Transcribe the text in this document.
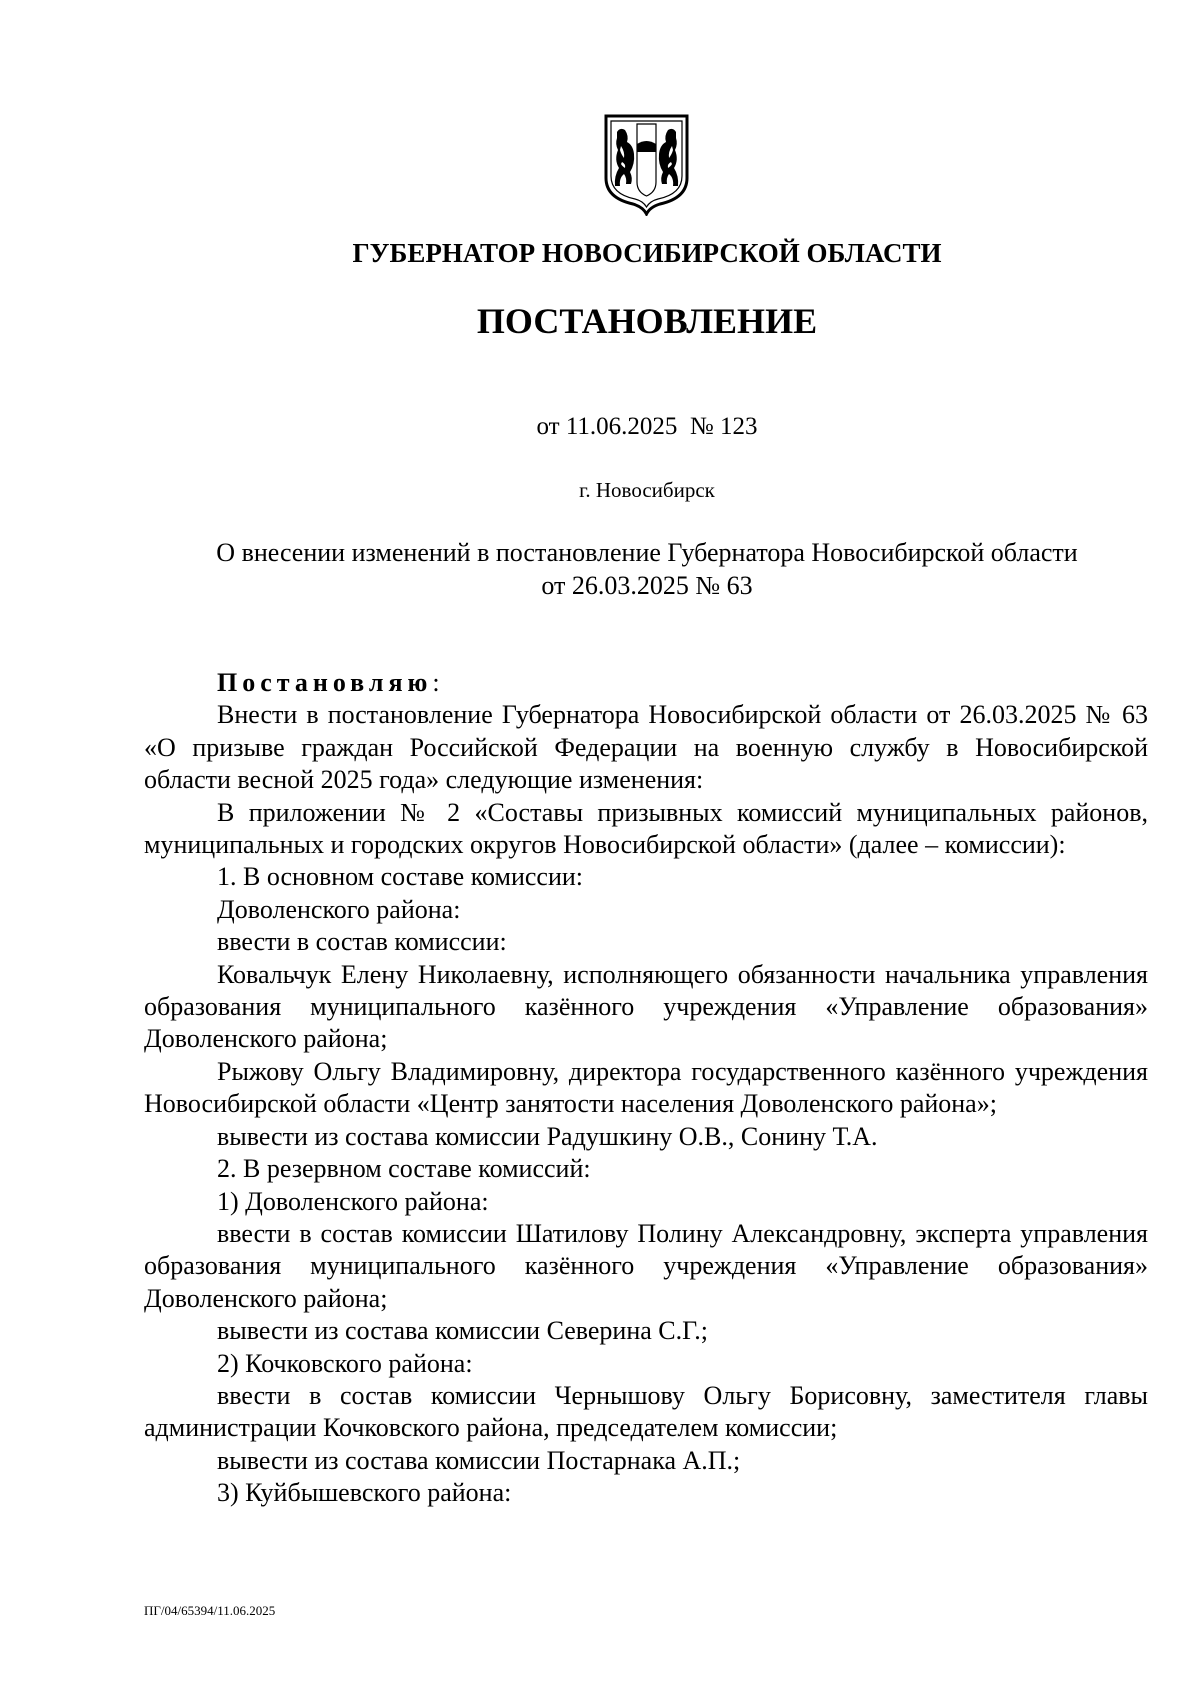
ГУБЕРНАТОР НОВОСИБИРСКОЙ ОБЛАСТИ
ПОСТАНОВЛЕНИЕ
от 11.06.2025  № 123
г. Новосибирск
О внесении изменений в постановление Губернатора Новосибирской области
от 26.03.2025 № 63

Постановляю:

Внести в постановление Губернатора Новосибирской области от 26.03.2025 № 63 «О призыве граждан Российской Федерации на военную службу в Новосибирской области весной 2025 года» следующие изменения:

В приложении № 2 «Составы призывных комиссий муниципальных районов, муниципальных и городских округов Новосибирской области» (далее – комиссии):

1. В основном составе комиссии:

Доволенского района:

ввести в состав комиссии:

Ковальчук Елену Николаевну, исполняющего обязанности начальника управления образования муниципального казённого учреждения «Управление образования» Доволенского района;

Рыжову Ольгу Владимировну, директора государственного казённого учреждения Новосибирской области «Центр занятости населения Доволенского района»;

вывести из состава комиссии Радушкину О.В., Сонину Т.А.

2. В резервном составе комиссий:

1) Доволенского района:

ввести в состав комиссии Шатилову Полину Александровну, эксперта управления образования муниципального казённого учреждения «Управление образования» Доволенского района;

вывести из состава комиссии Северина С.Г.;

2) Кочковского района:

ввести в состав комиссии Чернышову Ольгу Борисовну, заместителя главы администрации Кочковского района, председателем комиссии;

вывести из состава комиссии Постарнака А.П.;

3) Куйбышевского района:

ПГ/04/65394/11.06.2025
